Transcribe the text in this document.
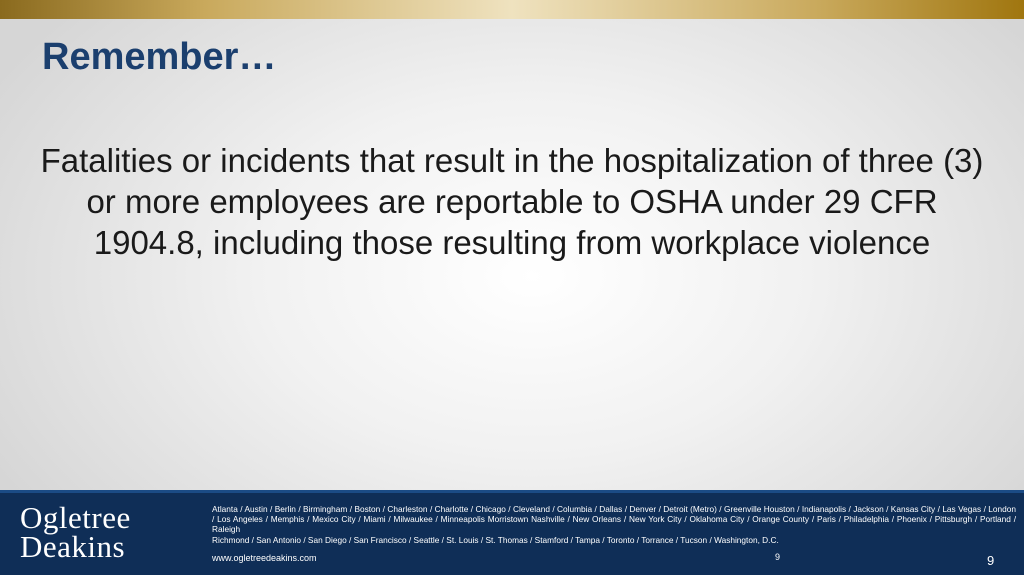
Remember…

Fatalities or incidents that result in the hospitalization of three (3) or more employees are reportable to OSHA under 29 CFR 1904.8, including those resulting from workplace violence

Ogletree
Deakins
Atlanta / Austin / Berlin / Birmingham / Boston / Charleston / Charlotte / Chicago / Cleveland / Columbia / Dallas / Denver / Detroit (Metro) / Greenville Houston / Indianapolis / Jackson / Kansas City / Las Vegas / London / Los Angeles / Memphis / Mexico City / Miami / Milwaukee / Minneapolis Morristown Nashville / New Orleans / New York City / Oklahoma City / Orange County / Paris / Philadelphia / Phoenix / Pittsburgh / Portland / Raleigh
Richmond / San Antonio / San Diego / San Francisco / Seattle / St. Louis / St. Thomas / Stamford / Tampa / Toronto / Torrance / Tucson / Washington, D.C.
www.ogletreedeakins.com	9	9
